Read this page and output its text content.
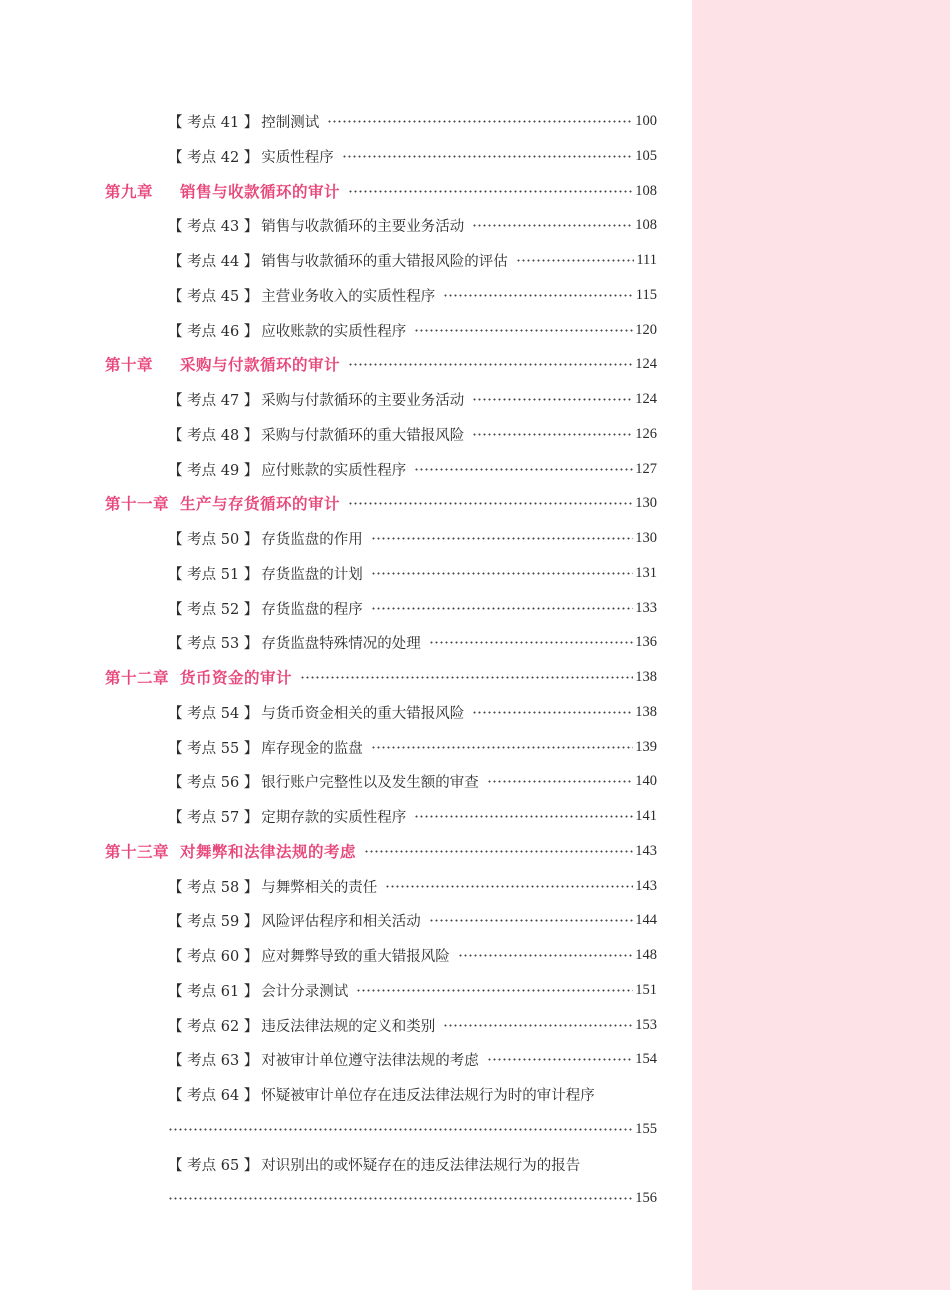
【 考点 41 】 控制测试	100
【 考点 42 】 实质性程序	105
第九章	销售与收款循环的审计	108
【 考点 43 】 销售与收款循环的主要业务活动	108
【 考点 44 】 销售与收款循环的重大错报风险的评估	111
【 考点 45 】 主营业务收入的实质性程序	115
【 考点 46 】 应收账款的实质性程序	120
第十章	采购与付款循环的审计	124
【 考点 47 】 采购与付款循环的主要业务活动	124
【 考点 48 】 采购与付款循环的重大错报风险	126
【 考点 49 】 应付账款的实质性程序	127
第十一章 生产与存货循环的审计	130
【 考点 50 】 存货监盘的作用	130
【 考点 51 】 存货监盘的计划	131
【 考点 52 】 存货监盘的程序	133
【 考点 53 】 存货监盘特殊情况的处理	136
第十二章 货币资金的审计	138
【 考点 54 】 与货币资金相关的重大错报风险	138
【 考点 55 】 库存现金的监盘	139
【 考点 56 】 银行账户完整性以及发生额的审查	140
【 考点 57 】 定期存款的实质性程序	141
第十三章 对舞弊和法律法规的考虑	143
【 考点 58 】 与舞弊相关的责任	143
【 考点 59 】 风险评估程序和相关活动	144
【 考点 60 】 应对舞弊导致的重大错报风险	148
【 考点 61 】 会计分录测试	151
【 考点 62 】 违反法律法规的定义和类别	153
【 考点 63 】 对被审计单位遵守法律法规的考虑	154
【 考点 64 】 怀疑被审计单位存在违反法律法规行为时的审计程序
155
【 考点 65 】 对识别出的或怀疑存在的违反法律法规行为的报告
156
